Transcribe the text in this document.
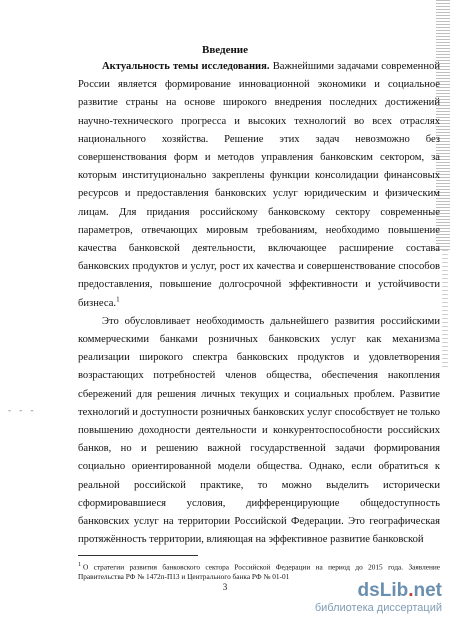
Введение

Актуальность темы исследования. Важнейшими задачами современной России является формирование инновационной экономики и социальное развитие страны на основе широкого внедрения последних достижений научно-технического прогресса и высоких технологий во всех отраслях национального хозяйства. Решение этих задач невозможно без совершенствования форм и методов управления банковским сектором, за которым институционально закреплены функции консолидации финансовых ресурсов и предоставления банковских услуг юридическим и физическим лицам. Для придания российскому банковскому сектору современные параметров, отвечающих мировым требованиям, необходимо повышение качества банковской деятельности, включающее расширение состава банковских продуктов и услуг, рост их качества и совершенствование способов предоставления, повышение долгосрочной эффективности и устойчивости бизнеса.$^1$

Это обусловливает необходимость дальнейшего развития российскими коммерческими банками розничных банковских услуг как механизма реализации широкого спектра банковских продуктов и удовлетворения возрастающих потребностей членов общества, обеспечения накопления сбережений для решения личных текущих и социальных проблем. Развитие технологий и доступности розничных банковских услуг способствует не только повышению доходности деятельности и конкурентоспособности российских банков, но и решению важной государственной задачи формирования социально ориентированной модели общества. Однако, если обратиться к реальной российской практике, то можно выделить исторически сформировавшиеся условия, дифференцирующие общедоступность банковских услуг на территории Российской Федерации. Это географическая протяжённость территории, влияющая на эффективное развитие банковской

- - -
$^1$ О стратегии развития банковского сектора Российской Федерации на период до 2015 года. Заявление Правительства РФ № 1472п-П13 и Центрального банка РФ № 01-01
3	dsLib.net
библиотека диссертаций
